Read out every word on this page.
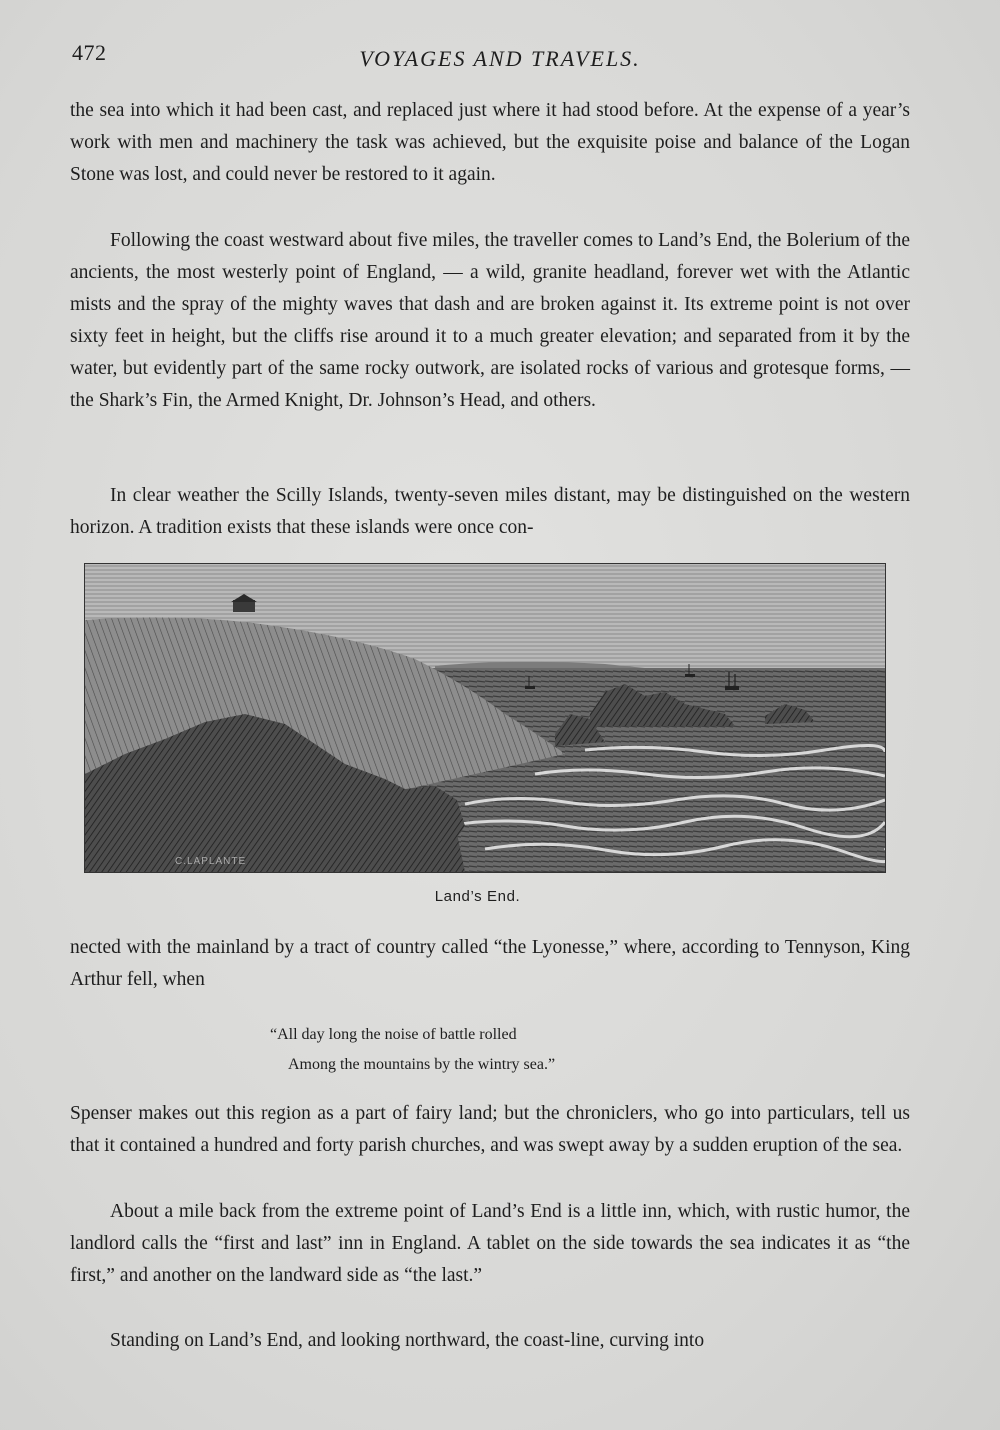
472	VOYAGES AND TRAVELS.

the sea into which it had been cast, and replaced just where it had stood before. At the expense of a year’s work with men and machinery the task was achieved, but the exquisite poise and balance of the Logan Stone was lost, and could never be restored to it again.

Following the coast westward about five miles, the traveller comes to Land’s End, the Bolerium of the ancients, the most westerly point of England, — a wild, granite headland, forever wet with the Atlantic mists and the spray of the mighty waves that dash and are broken against it. Its extreme point is not over sixty feet in height, but the cliffs rise around it to a much greater elevation; and separated from it by the water, but evidently part of the same rocky outwork, are isolated rocks of various and grotesque forms, — the Shark’s Fin, the Armed Knight, Dr. Johnson’s Head, and others.

In clear weather the Scilly Islands, twenty-seven miles distant, may be distinguished on the western horizon. A tradition exists that these islands were once con-

C.LAPLANTE
Land’s End.

nected with the mainland by a tract of country called “the Lyonesse,” where, according to Tennyson, King Arthur fell, when

“All day long the noise of battle rolled
Among the mountains by the wintry sea.”

Spenser makes out this region as a part of fairy land; but the chroniclers, who go into particulars, tell us that it contained a hundred and forty parish churches, and was swept away by a sudden eruption of the sea.

About a mile back from the extreme point of Land’s End is a little inn, which, with rustic humor, the landlord calls the “first and last” inn in England. A tablet on the side towards the sea indicates it as “the first,” and another on the landward side as “the last.”

Standing on Land’s End, and looking northward, the coast-line, curving into
